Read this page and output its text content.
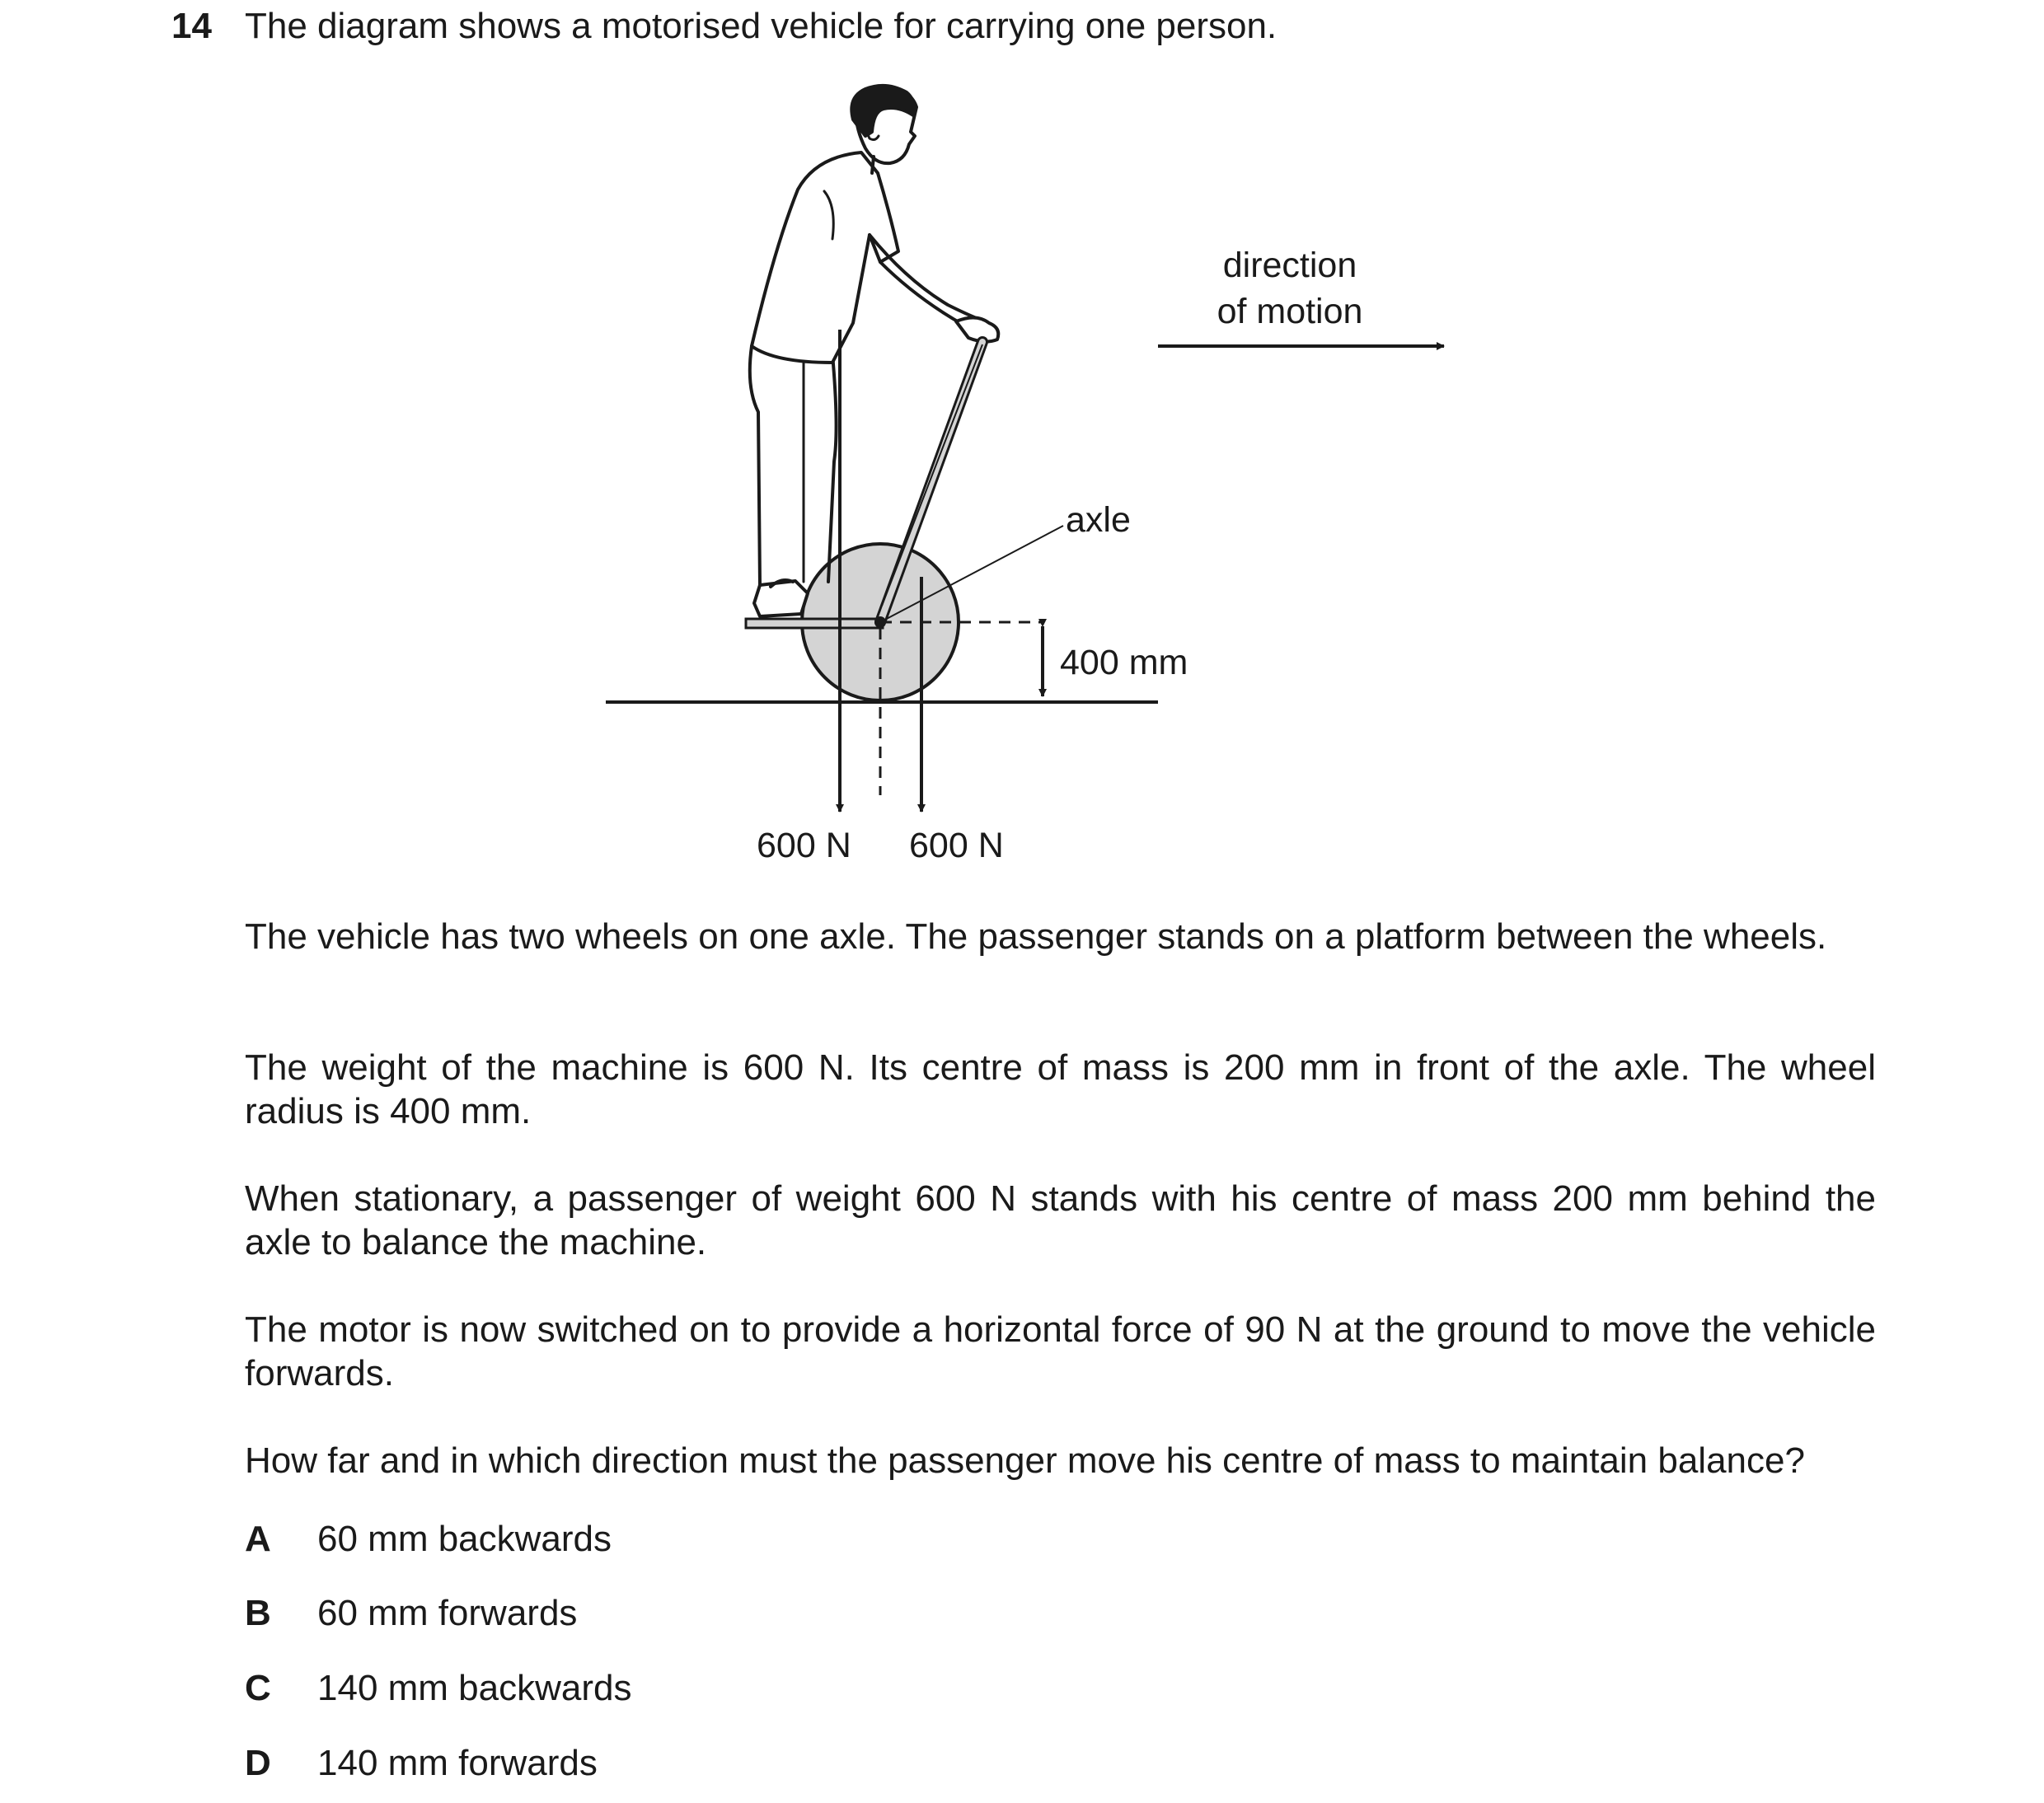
14 The diagram shows a motorised vehicle for carrying one person.
axle
400 mm
600 N 600 N
direction
of motion

The vehicle has two wheels on one axle. The passenger stands on a platform between the wheels.

The weight of the machine is 600 N. Its centre of mass is 200 mm in front of the axle. The wheel radius is 400 mm.

When stationary, a passenger of weight 600 N stands with his centre of mass 200 mm behind the axle to balance the machine.

The motor is now switched on to provide a horizontal force of 90 N at the ground to move the vehicle forwards.

How far and in which direction must the passenger move his centre of mass to maintain balance?

A 60 mm backwards
B 60 mm forwards
C 140 mm backwards
D 140 mm forwards
